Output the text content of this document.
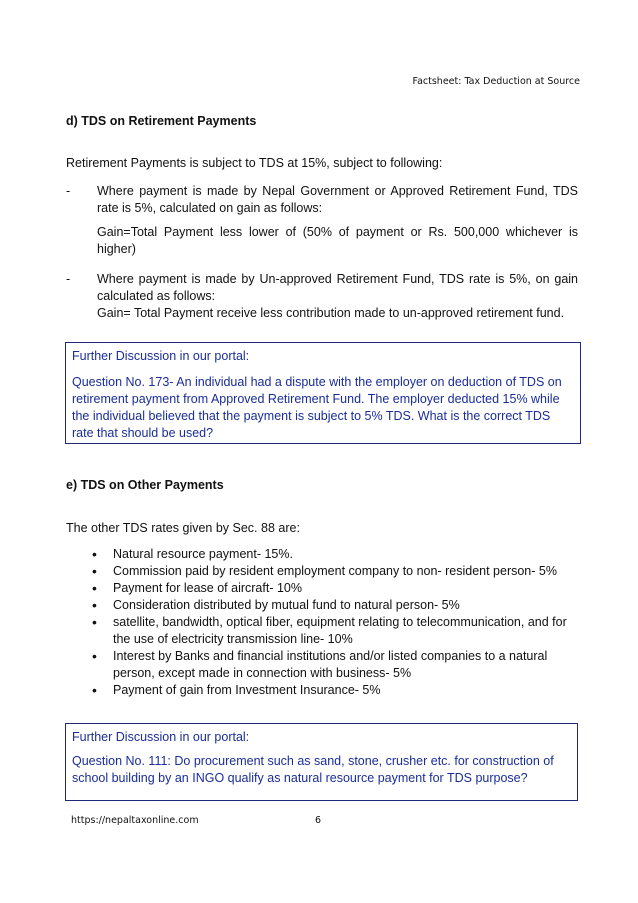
Factsheet: Tax Deduction at Source
d) TDS on Retirement Payments
Retirement Payments is subject to TDS at 15%, subject to following:
- Where payment is made by Nepal Government or Approved Retirement Fund, TDS rate is 5%, calculated on gain as follows:

Gain=Total Payment less lower of (50% of payment or Rs. 500,000 whichever is higher)

- Where payment is made by Un-approved Retirement Fund, TDS rate is 5%, on gain calculated as follows:

Gain= Total Payment receive less contribution made to un-approved retirement fund.

Further Discussion in our portal:

Question No. 173- An individual had a dispute with the employer on deduction of TDS on retirement payment from Approved Retirement Fund. The employer deducted 15% while the individual believed that the payment is subject to 5% TDS. What is the correct TDS rate that should be used?

e) TDS on Other Payments
The other TDS rates given by Sec. 88 are:
• Natural resource payment- 15%.
• Commission paid by resident employment company to non- resident person- 5%
• Payment for lease of aircraft- 10%
• Consideration distributed by mutual fund to natural person- 5%
• satellite, bandwidth, optical fiber, equipment relating to telecommunication, and for the use of electricity transmission line- 10%
• Interest by Banks and financial institutions and/or listed companies to a natural person, except made in connection with business- 5%
• Payment of gain from Investment Insurance- 5%

Further Discussion in our portal:

Question No. 111: Do procurement such as sand, stone, crusher etc. for construction of school building by an INGO qualify as natural resource payment for TDS purpose?

https://nepaltaxonline.com	6
